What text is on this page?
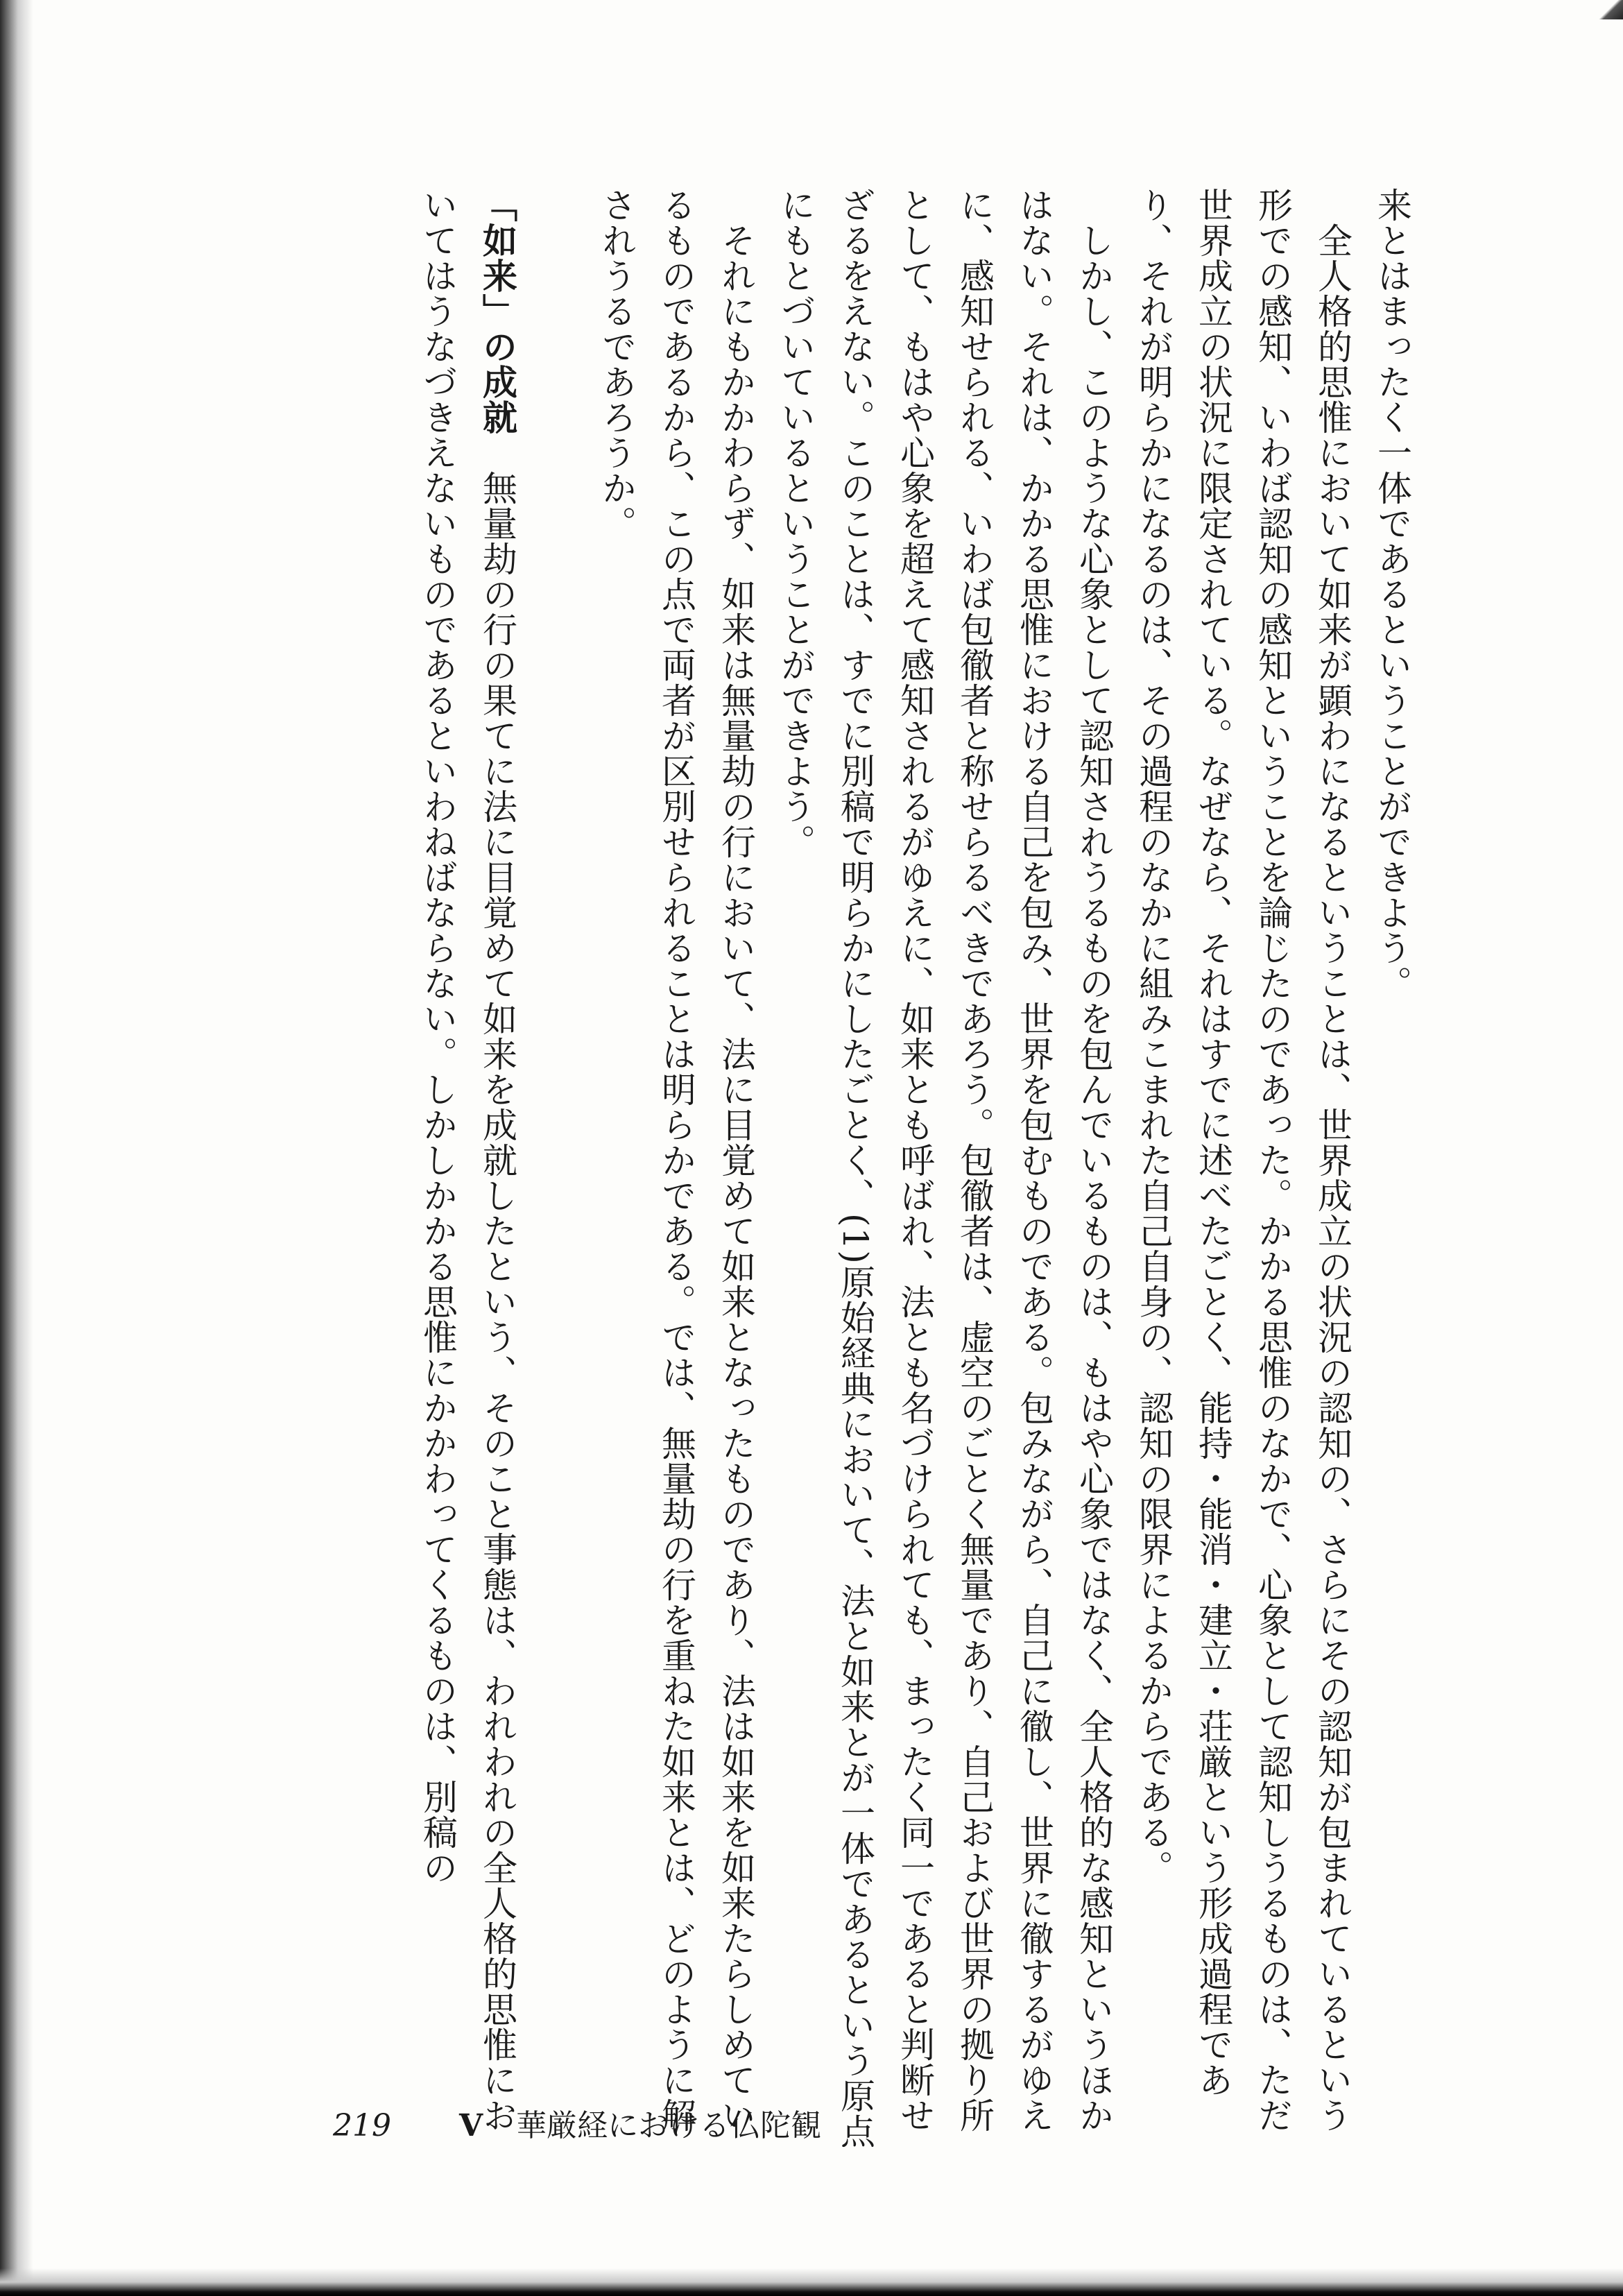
来とはまったく一体であるということができよう。

　全人格的思惟において如来が顕わになるということは、世界成立の状況の認知の、さらにその認知が包まれているという形での感知、いわば認知の感知ということを論じたのであった。かかる思惟のなかで、心象として認知しうるものは、ただ世界成立の状況に限定されている。なぜなら、それはすでに述べたごとく、能持・能消・建立・荘厳という形成過程であり、それが明らかになるのは、その過程のなかに組みこまれた自己自身の、認知の限界によるからである。

　しかし、このような心象として認知されうるものを包んでいるものは、もはや心象ではなく、全人格的な感知というほかはない。それは、かかる思惟における自己を包み、世界を包むものである。包みながら、自己に徹し、世界に徹するがゆえに、感知せられる、いわば包徹者と称せらるべきであろう。包徹者は、虚空のごとく無量であり、自己および世界の拠り所として、もはや心象を超えて感知されるがゆえに、如来とも呼ばれ、法とも名づけられても、まったく同一であると判断せざるをえない。このことは、すでに別稿で明らかにしたごとく、(1)原始経典において、法と如来とが一体であるという原点にもとづいているということができよう。

　それにもかかわらず、如来は無量劫の行において、法に目覚めて如来となったものであり、法は如来を如来たらしめているものであるから、この点で両者が区別せられることは明らかである。では、無量劫の行を重ねた如来とは、どのように解されうるであろうか。

「如来」の成就　無量劫の行の果てに法に目覚めて如来を成就したという、そのこと事態は、われわれの全人格的思惟においてはうなづきえないものであるといわねばならない。しかしかかる思惟にかかわってくるものは、別稿の

219 V 華厳経における仏陀観
